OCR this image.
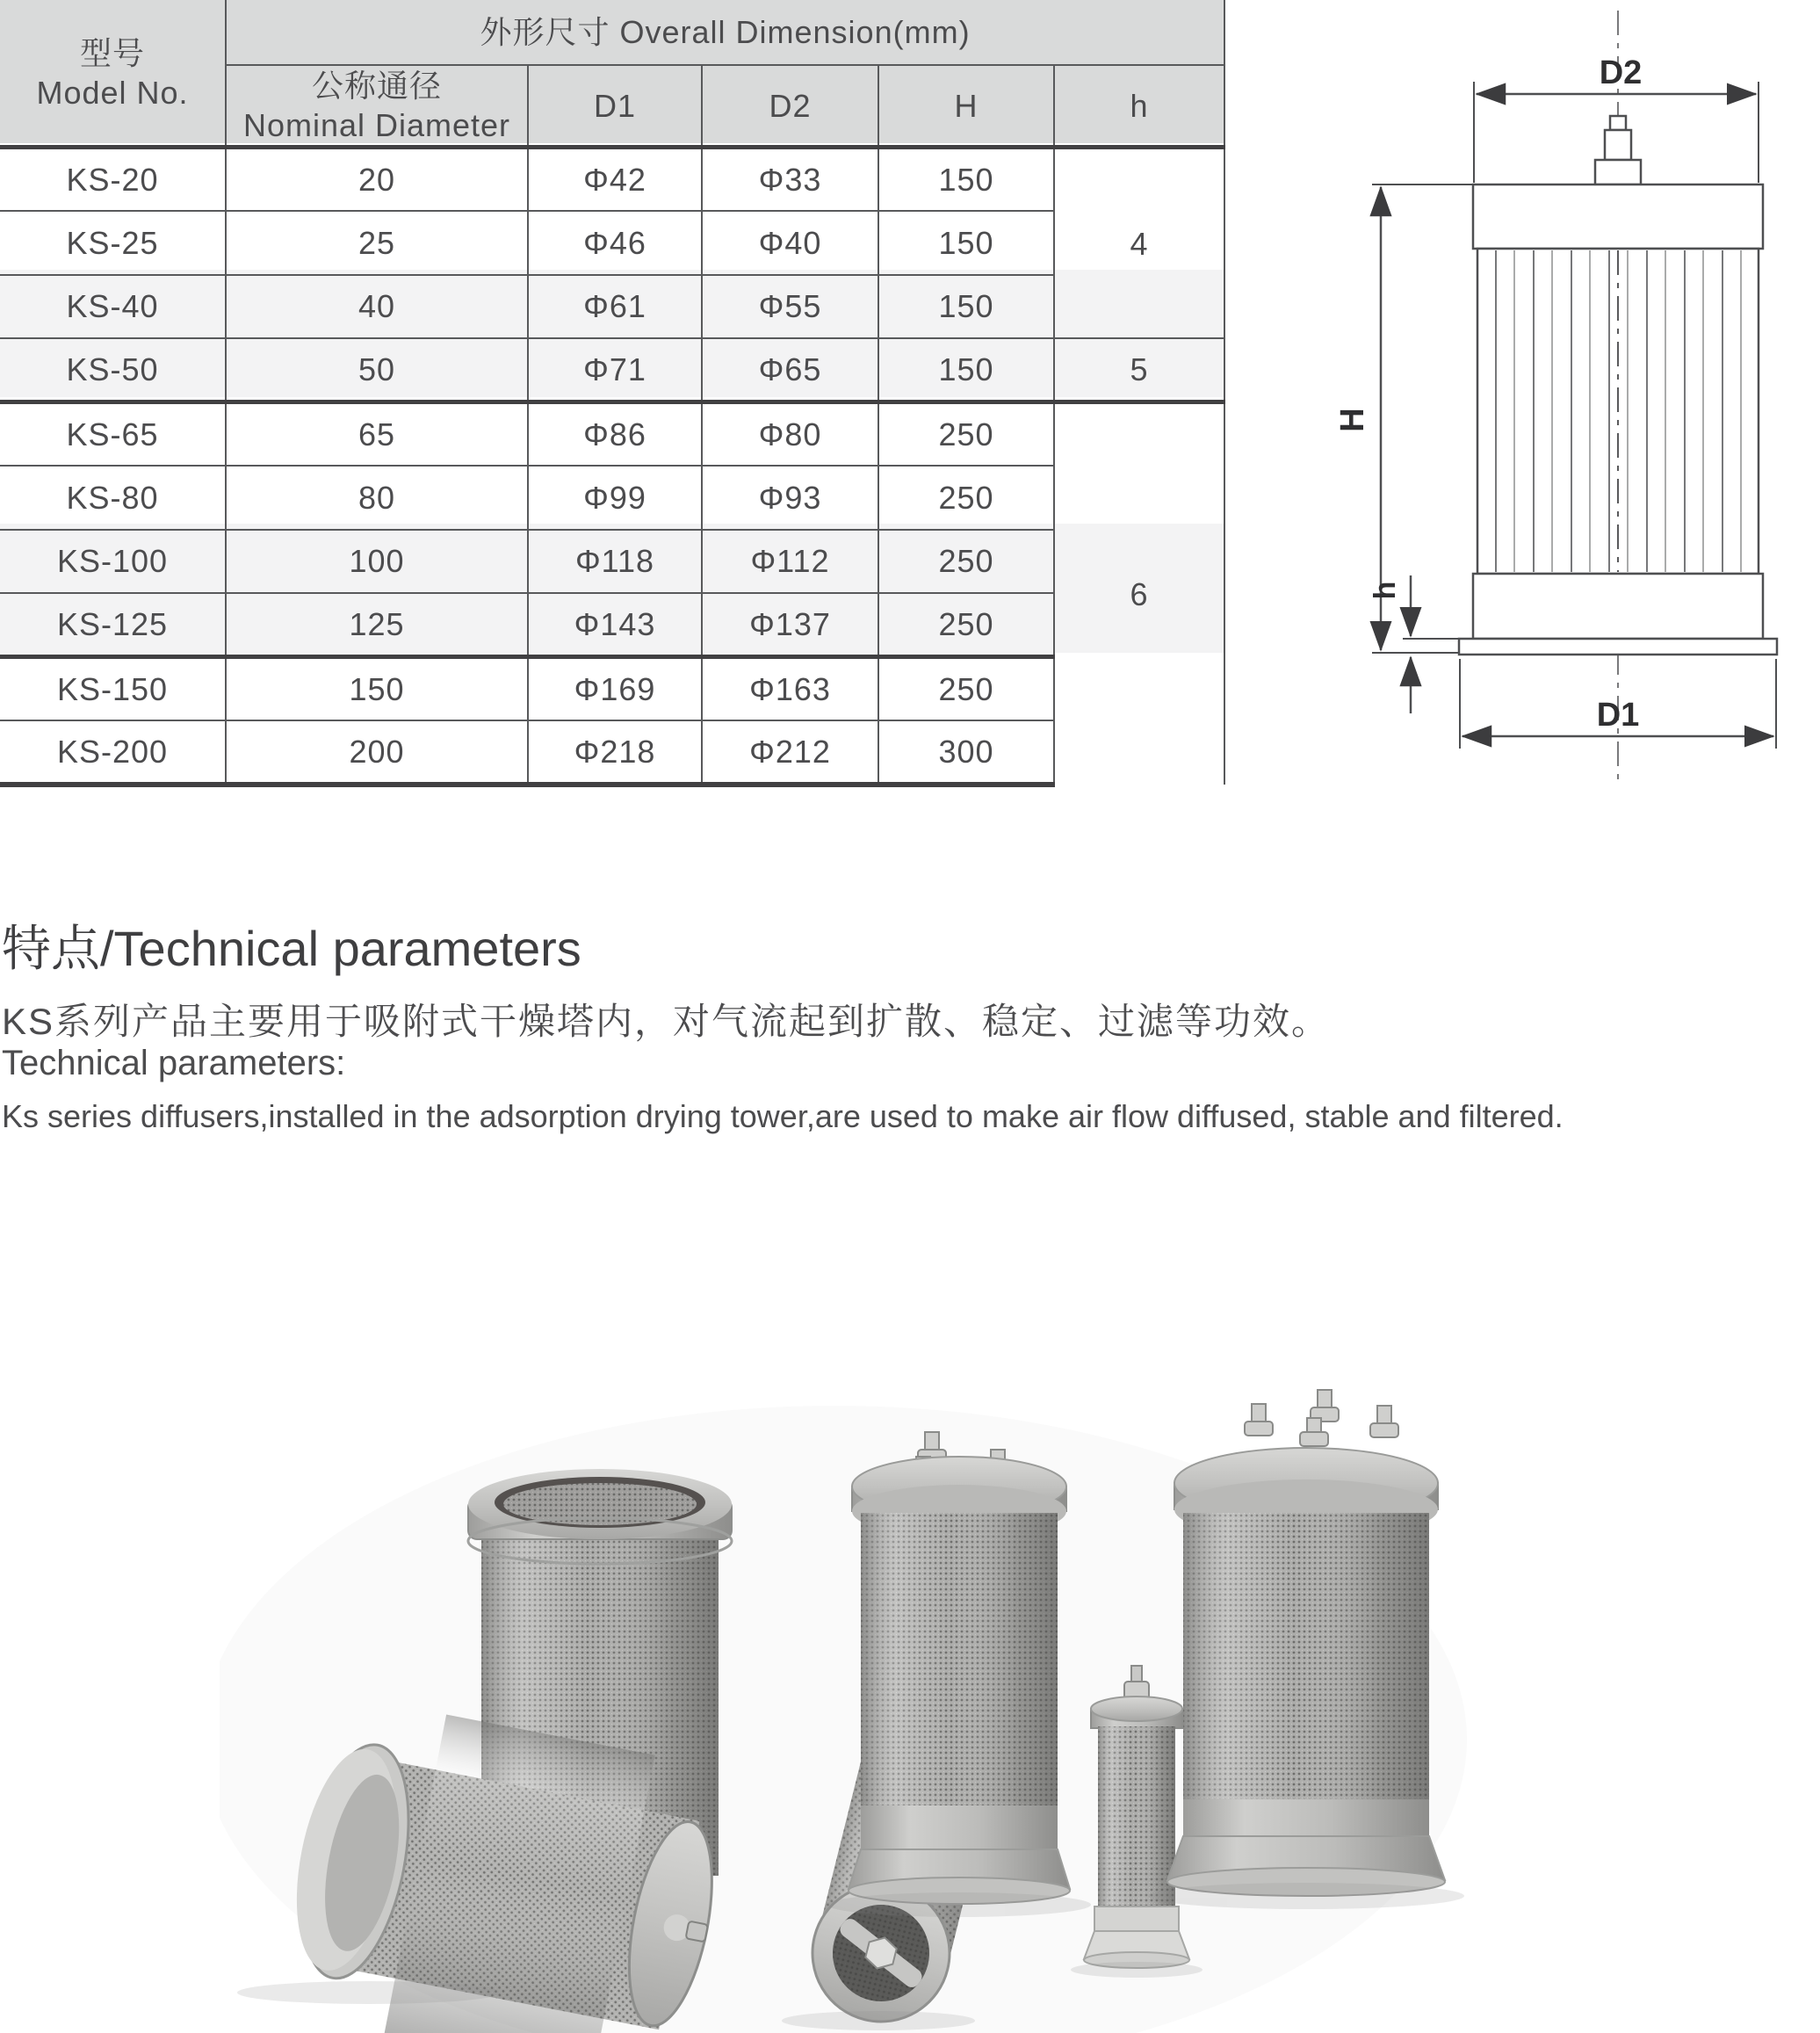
型号
Model No.	外形尺寸 Overall Dimension(mm)				
	公称通径
Nominal Diameter	D1	D2	H	h
KS-20	20	Φ42	Φ33	150	4
KS-25	25	Φ46	Φ40	150	
KS-40	40	Φ61	Φ55	150	
KS-50	50	Φ71	Φ65	150	5
KS-65	65	Φ86	Φ80	250	6
KS-80	80	Φ99	Φ93	250	
KS-100	100	Φ118	Φ112	250	
KS-125	125	Φ143	Φ137	250	
KS-150	150	Φ169	Φ163	250	
KS-200	200	Φ218	Φ212	300	
D2
H
h
D1
特点/Technical parameters
KS系列产品主要用于吸附式干燥塔内，对气流起到扩散、稳定、过滤等功效。
Technical parameters:
Ks series diffusers,installed in the adsorption drying tower,are used to make air flow diffused, stable and filtered.
